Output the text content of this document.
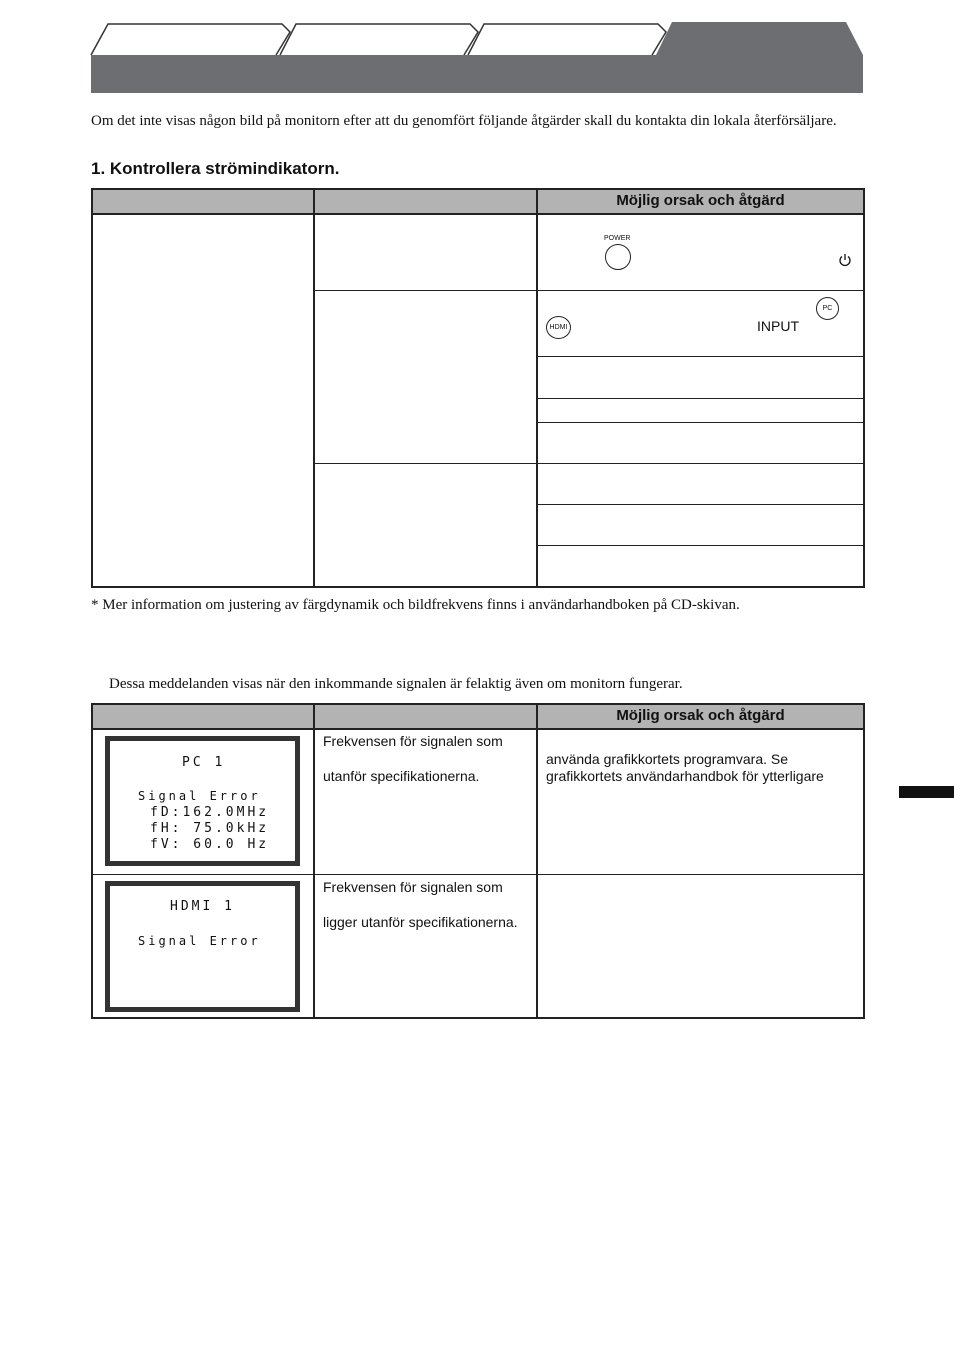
Om det inte visas någon bild på monitorn efter att du genomfört följande åtgärder skall du kontakta din lokala återförsäljare.
1. Kontrollera strömindikatorn.
Möjlig orsak och åtgärd
POWER
PC
HDMI	INPUT
* Mer information om justering av färgdynamik och bildfrekvens finns i användarhandboken på CD-skivan.
Dessa meddelanden visas när den inkommande signalen är felaktig även om monitorn fungerar.
Möjlig orsak och åtgärd
PC 1
Signal Error
fD:162.0MHz
fH: 75.0kHz
fV: 60.0 Hz
Frekvensen för signalen som
utanför specifikationerna.
använda grafikkortets programvara. Se
grafikkortets användarhandbok för ytterligare
HDMI 1
Signal Error
Frekvensen för signalen som
ligger utanför specifikationerna.
